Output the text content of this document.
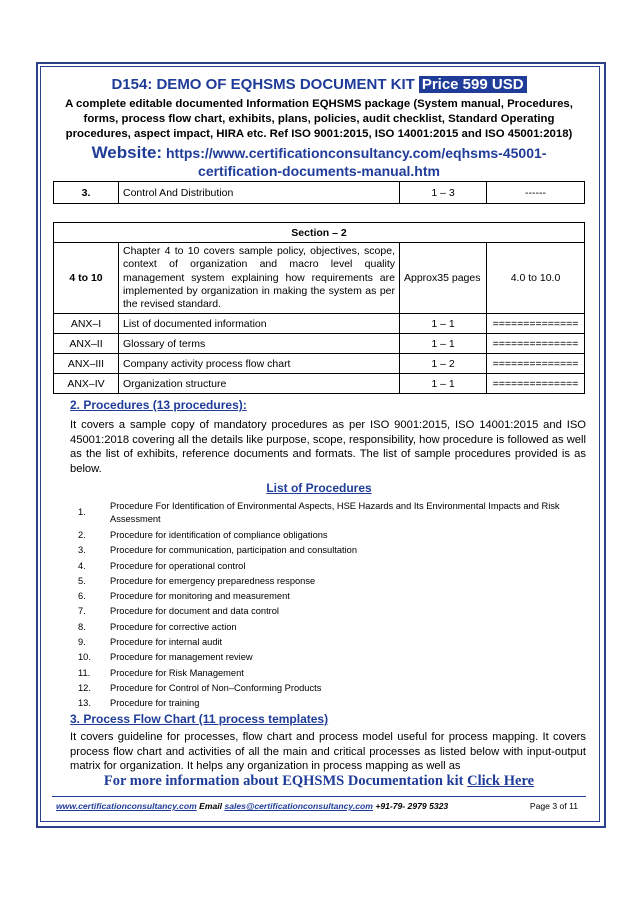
D154: DEMO OF EQHSMS DOCUMENT KIT Price 599 USD
A complete editable documented Information EQHSMS package (System manual, Procedures, forms, process flow chart, exhibits, plans, policies, audit checklist, Standard Operating procedures, aspect impact, HIRA etc. Ref ISO 9001:2015, ISO 14001:2015 and ISO 45001:2018)
Website: https://www.certificationconsultancy.com/eqhsms-45001-certification-documents-manual.htm
3.	Control And Distribution	1 – 3	------
Section – 2			
4 to 10	Chapter 4 to 10 covers sample policy, objectives, scope, context of organization and macro level quality management system explaining how requirements are implemented by organization in making the system as per the revised standard.	Approx35 pages	4.0 to 10.0
ANX–I	List of documented information	1 – 1	==============
ANX–II	Glossary of terms	1 – 1	==============
ANX–III	Company activity process flow chart	1 – 2	==============
ANX–IV	Organization structure	1 – 1	==============
2. Procedures (13 procedures):
It covers a sample copy of mandatory procedures as per ISO 9001:2015, ISO 14001:2015 and ISO 45001:2018 covering all the details like purpose, scope, responsibility, how procedure is followed as well as the list of exhibits, reference documents and formats. The list of sample procedures provided is as below.
List of Procedures
1.
Procedure For Identification of Environmental Aspects, HSE Hazards and Its Environmental Impacts and Risk Assessment
2.	Procedure for identification of compliance obligations
3.	Procedure for communication, participation and consultation
4.	Procedure for operational control
5.	Procedure for emergency preparedness response
6.	Procedure for monitoring and measurement
7.	Procedure for document and data control
8.	Procedure for corrective action
9.	Procedure for internal audit
10.	Procedure for management review
11.	Procedure for Risk Management
12.	Procedure for Control of Non–Conforming Products
13.	Procedure for training
3. Process Flow Chart (11 process templates)
It covers guideline for processes, flow chart and process model useful for process mapping. It covers process flow chart and activities of all the main and critical processes as listed below with input-output matrix for organization. It helps any organization in process mapping as well as
For more information about EQHSMS Documentation kit Click Here
www.certificationconsultancy.com Email sales@certificationconsultancy.com +91-79- 2979 5323	Page 3 of 11
